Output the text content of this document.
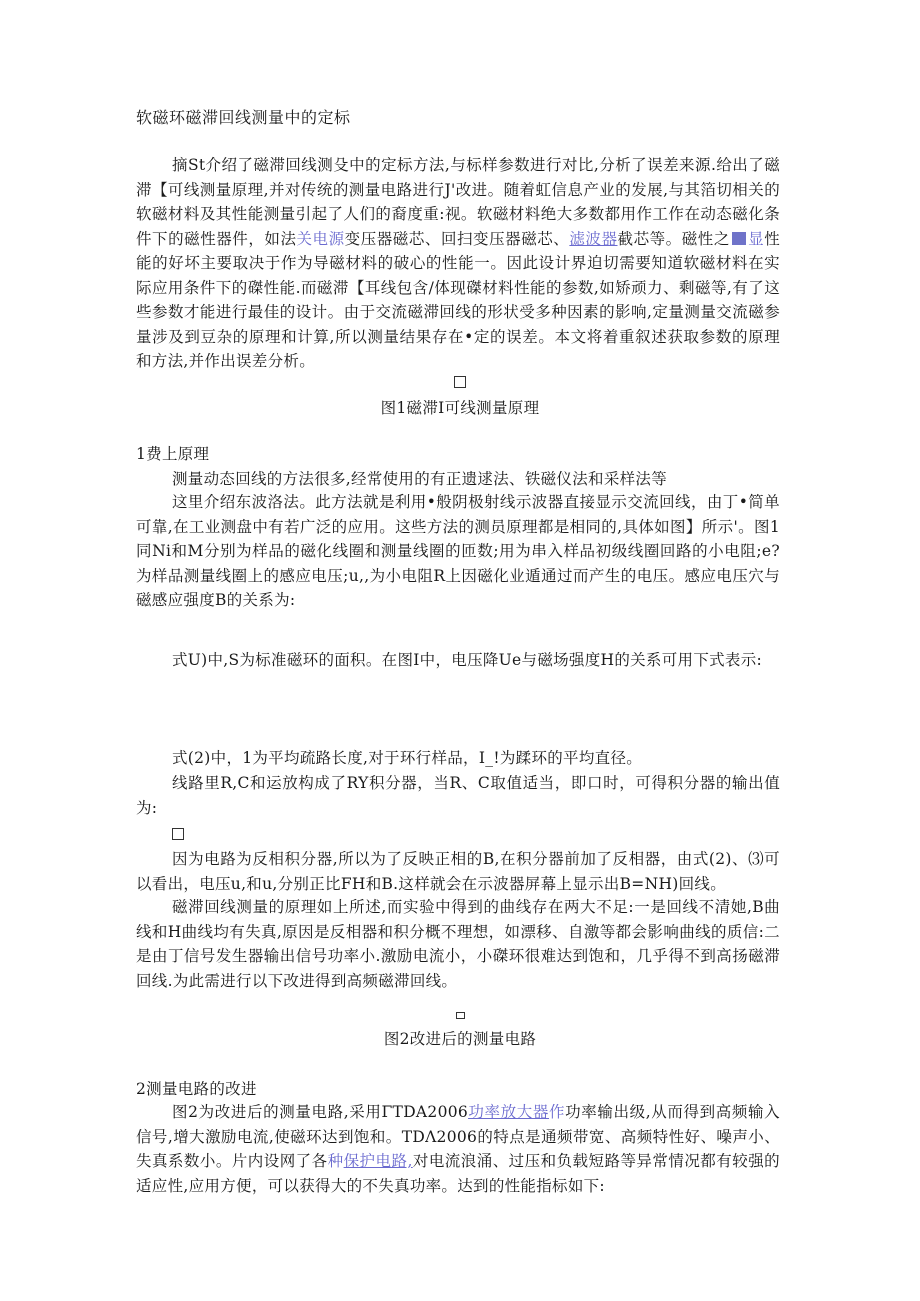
软磁环磁滞回线测量中的定标
摘St介绍了磁滞回线测殳中的定标方法,与标样参数进行对比,分析了误差来源.给出了磁滞【可线测量原理,并对传统的测量电路进行J'改进。随着虹信息产业的发展,与其箔切相关的软磁材料及其性能测量引起了人们的裔度重:视。软磁材料绝大多数都用作工作在动态磁化条件下的磁性器件，如法关电源变压器磁芯、回扫变压器磁芯、滤波器截芯等。磁性之 显性能的好坏主要取决于作为导磁材料的破心的性能一。因此设计界迫切需要知道软磁材料在实际应用条件下的磔性能.而磁滞【耳线包含/体现磔材料性能的参数,如矫顽力、剩磁等,有了这些参数才能进行最佳的设计。由于交流磁滞回线的形状受多种因素的影响,定量测量交流磁参量涉及到豆杂的原理和计算,所以测量结果存在•定的误差。本文将着重叙述获取参数的原理和方法,并作出误差分析。
图1磁滞I可线测量原理
1费上原理
测量动态回线的方法很多,经常使用的有正遗逑法、铁磁仪法和采样法等
这里介绍东波洛法。此方法就是利用•般阴极射线示波器直接显示交流回线，由丁•简单可靠,在工业测盘中有若广泛的应用。这些方法的测员原理都是相同的,具体如图】所示'。图1同Ni和M分别为样品的磁化线圈和测量线圈的匝数;用为串入样品初级线圈回路的小电阻;e?为样品测量线圈上的感应电压;u,,为小电阻R上因磁化业遁通过而产生的电压。感应电压穴与磁感应强度B的关系为:
式U)中,S为标准磁环的面积。在图I中，电压降Ue与磁场强度H的关系可用下式表示:
式(2)中，1为平均疏路长度,对于环行样品，I_!为蹂环的平均直径。
线路里R,C和运放构成了RY积分器，当R、C取值适当，即口时，可得积分器的输出值为:
因为电路为反相积分器,所以为了反映正相的B,在积分器前加了反相器，由式(2)、⑶可以看出，电压u,和u,分别正比FH和B.这样就会在示波器屏幕上显示出B=NH)回线。
磁滞回线测量的原理如上所述,而实验中得到的曲线存在两大不足:一是回线不清她,B曲线和H曲线均有失真,原因是反相器和积分概不理想，如漂移、自激等都会影响曲线的质信:二是由丁信号发生器输出信号功率小.激励电流小，小磔环很难达到饱和，几乎得不到高扬磁滞回线.为此需进行以下改进得到高频磁滞回线。
图2改进后的测量电路
2测量电路的改进
图2为改进后的测量电路,采用ΓTDA2006功率放大器作功率输出级,从而得到高频输入信号,增大激励电流,使磁环达到饱和。TDΛ2006的特点是通频带宽、高频特性好、噪声小、失真系数小。片内设网了各种保护电路,对电流浪涌、过压和负载短路等异常情况都有较强的适应性,应用方便，可以获得大的不失真功率。达到的性能指标如下:
